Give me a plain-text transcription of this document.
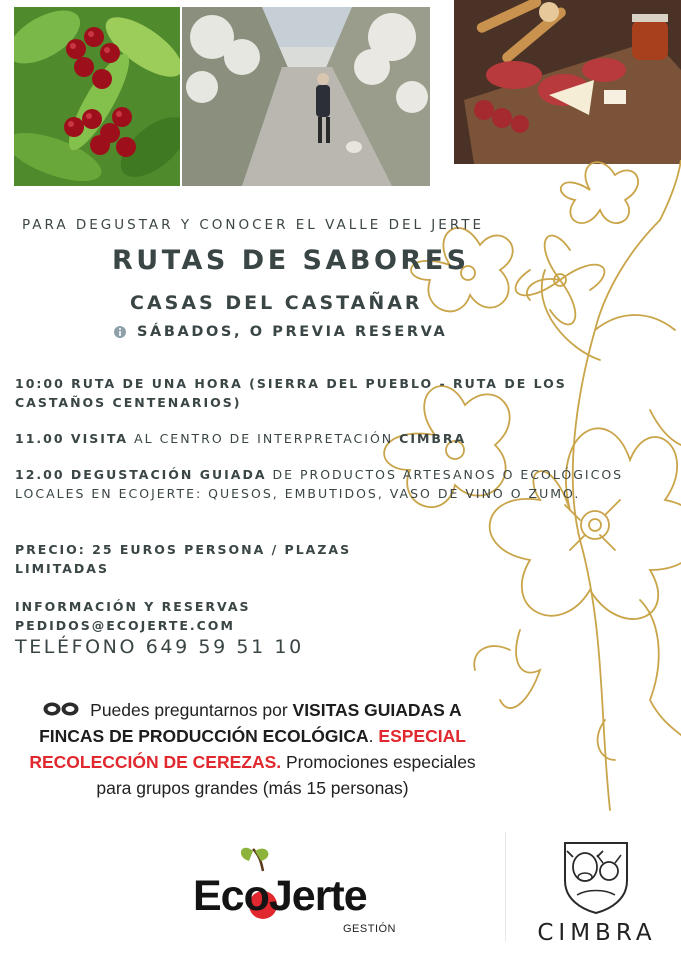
PARA DEGUSTAR Y CONOCER EL VALLE DEL JERTE
RUTAS DE SABORES
CASAS DEL CASTAÑAR
SÁBADOS, O PREVIA RESERVA
10:00 RUTA DE UNA HORA (SIERRA DEL PUEBLO - RUTA DE LOS CASTAÑOS CENTENARIOS)
11.00 VISITA AL CENTRO DE INTERPRETACIÓN CIMBRA
12.00 DEGUSTACIÓN GUIADA DE PRODUCTOS ARTESANOS O ECOLÓGICOS LOCALES EN ECOJERTE: QUESOS, EMBUTIDOS, VASO DE VINO O ZUMO.
PRECIO: 25 EUROS PERSONA / PLAZAS LIMITADAS
INFORMACIÓN Y RESERVAS
PEDIDOS@ECOJERTE.COM
TELÉFONO 649 59 51 10
Puedes preguntarnos por VISITAS GUIADAS A FINCAS DE PRODUCCIÓN ECOLÓGICA. ESPECIAL RECOLECCIÓN DE CEREZAS. Promociones especiales para grupos grandes (más 15 personas)
EcoJerte
GESTIÓN	CIMBRA
